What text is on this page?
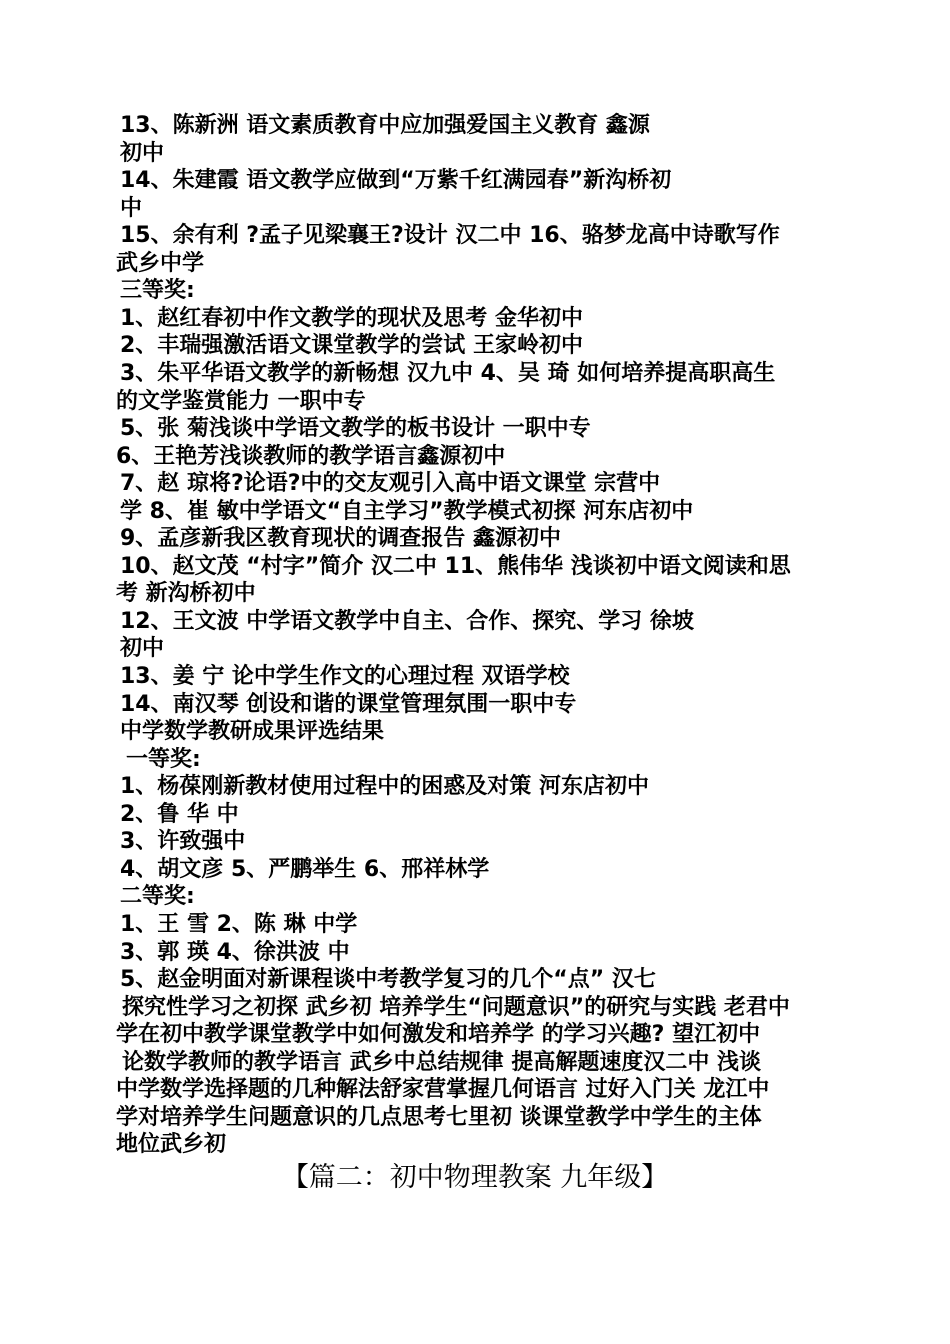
13、陈新洲 语文素质教育中应加强爱国主义教育 鑫源

初中

14、朱建霞 语文教学应做到“万紫千红满园春”新沟桥初

中

15、余有利 ?孟子见梁襄王?设计 汉二中 16、骆梦龙高中诗歌写作

武乡中学

三等奖:

1、赵红春初中作文教学的现状及思考 金华初中

2、丰瑞强激活语文课堂教学的尝试 王家岭初中

3、朱平华语文教学的新畅想 汉九中 4、吴 琦 如何培养提高职高生

的文学鉴赏能力 一职中专

5、张 菊浅谈中学语文教学的板书设计 一职中专

6、王艳芳浅谈教师的教学语言鑫源初中

7、赵 琼将?论语?中的交友观引入高中语文课堂 宗营中

学 8、崔 敏中学语文“自主学习”教学模式初探 河东店初中

9、孟彦新我区教育现状的调查报告 鑫源初中

10、赵文茂 “村字”简介 汉二中 11、熊伟华 浅谈初中语文阅读和思

考 新沟桥初中

12、王文波 中学语文教学中自主、合作、探究、学习 徐坡

初中

13、姜 宁 论中学生作文的心理过程 双语学校

14、南汉琴 创设和谐的课堂管理氛围一职中专

中学数学教研成果评选结果

一等奖:

1、杨葆刚新教材使用过程中的困惑及对策 河东店初中

2、鲁 华 中

3、许致强中

4、胡文彦 5、严鹏举生 6、邢祥林学

二等奖:

1、王 雪 2、陈 琳 中学

3、郭 瑛 4、徐洪波 中

5、赵金明面对新课程谈中考教学复习的几个“点” 汉七

探究性学习之初探 武乡初 培养学生“问题意识”的研究与实践 老君中

学在初中教学课堂教学中如何激发和培养学 的学习兴趣? 望江初中

论数学教师的教学语言 武乡中总结规律 提高解题速度汉二中 浅谈

中学数学选择题的几种解法舒家营掌握几何语言 过好入门关 龙江中

学对培养学生问题意识的几点思考七里初 谈课堂教学中学生的主体

地位武乡初

【篇二：初中物理教案 九年级】
